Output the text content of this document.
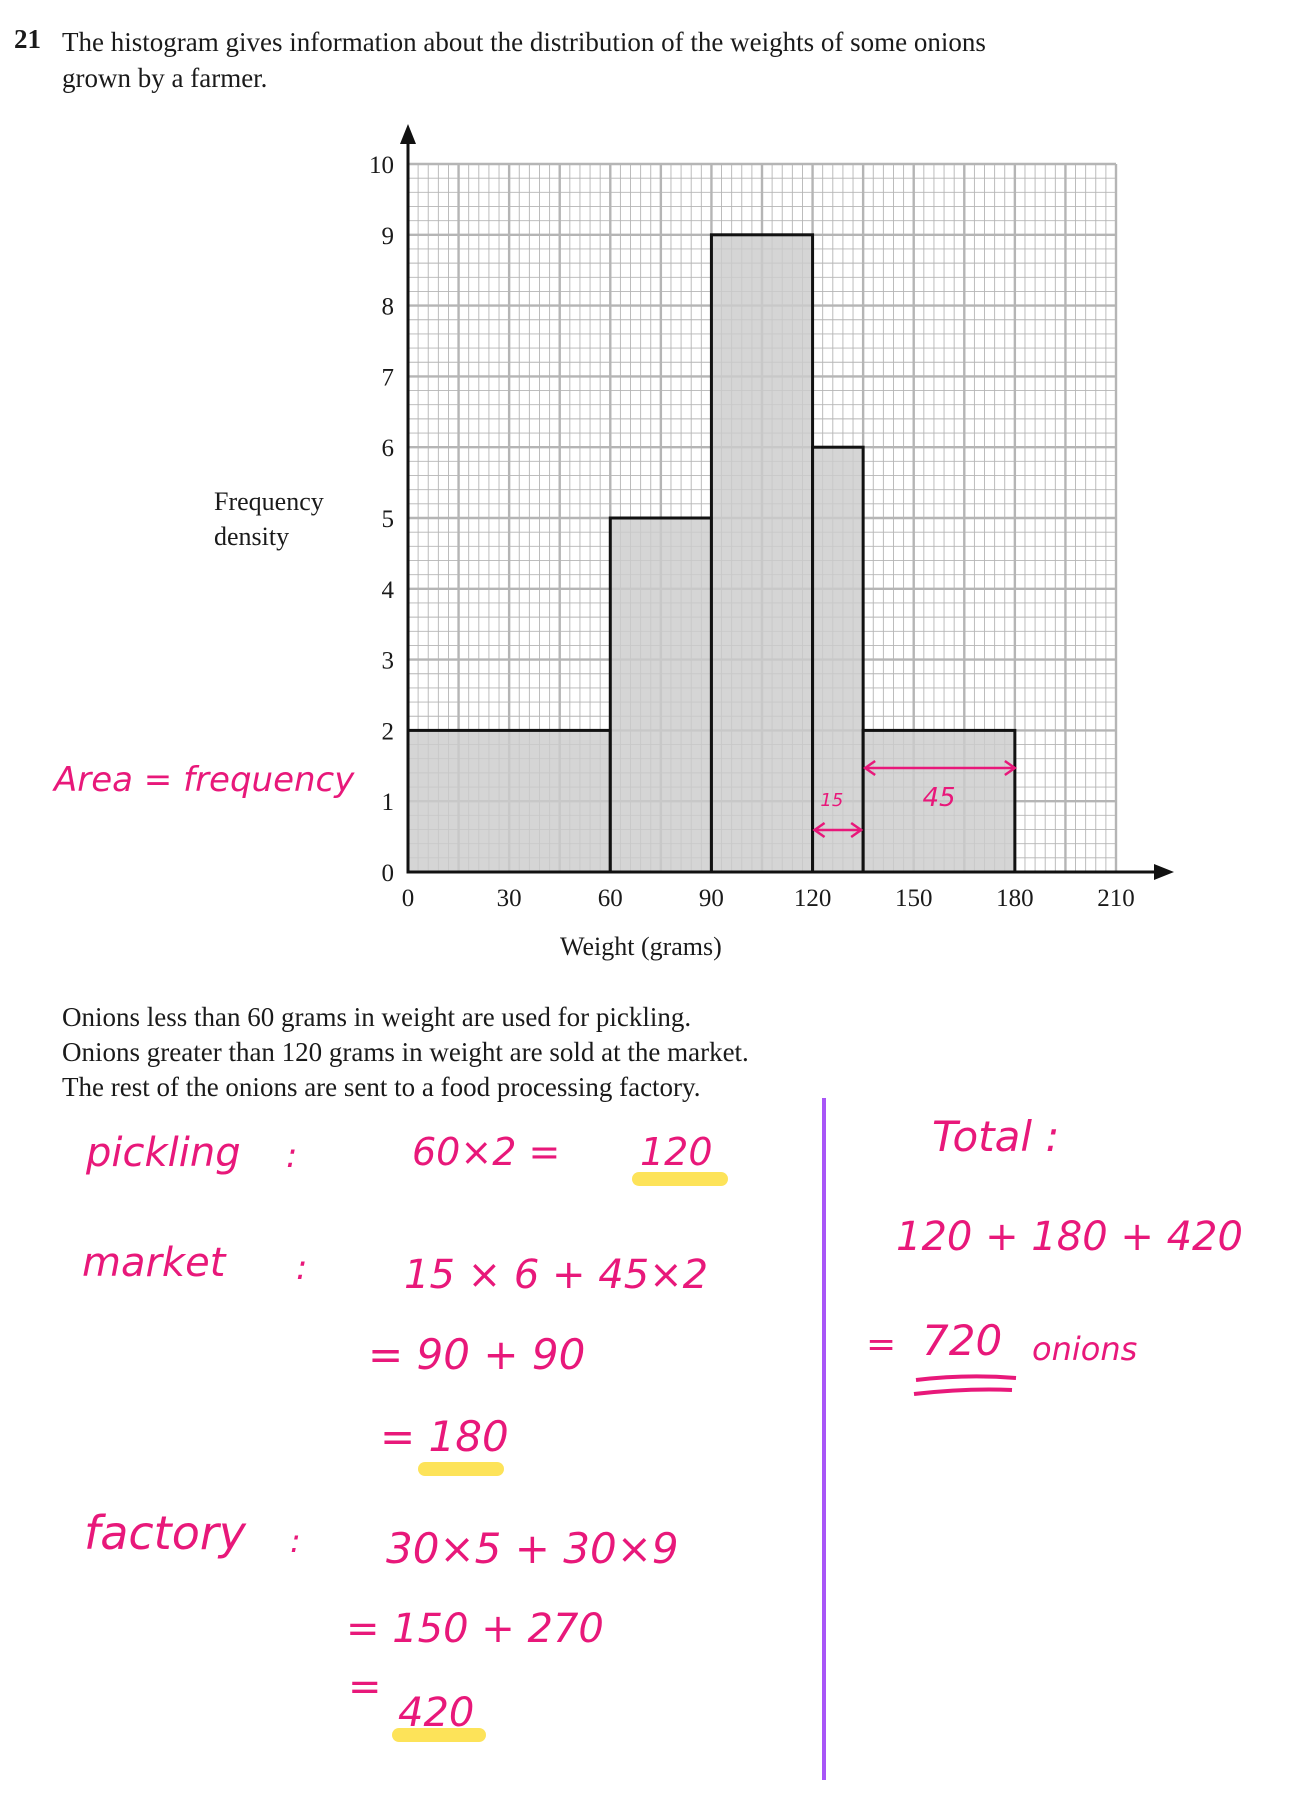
21 The histogram gives information about the distribution of the weights of some onions
grown by a farmer.
Frequency
density
0
1
2
3
4
5
6
7
8
9
10
0	30	60	90	120	150	180	210
15	45
Weight (grams)
Area = frequency
Onions less than 60 grams in weight are used for pickling.
Onions greater than 120 grams in weight are sold at the market.
The rest of the onions are sent to a food processing factory.
pickling :	60×2 = 120
market : 15 × 6 + 45×2
= 90 + 90
= 180
factory : 30×5 + 30×9
= 150 + 270
=
420
Total :
120 + 180 + 420
= 720 onions
